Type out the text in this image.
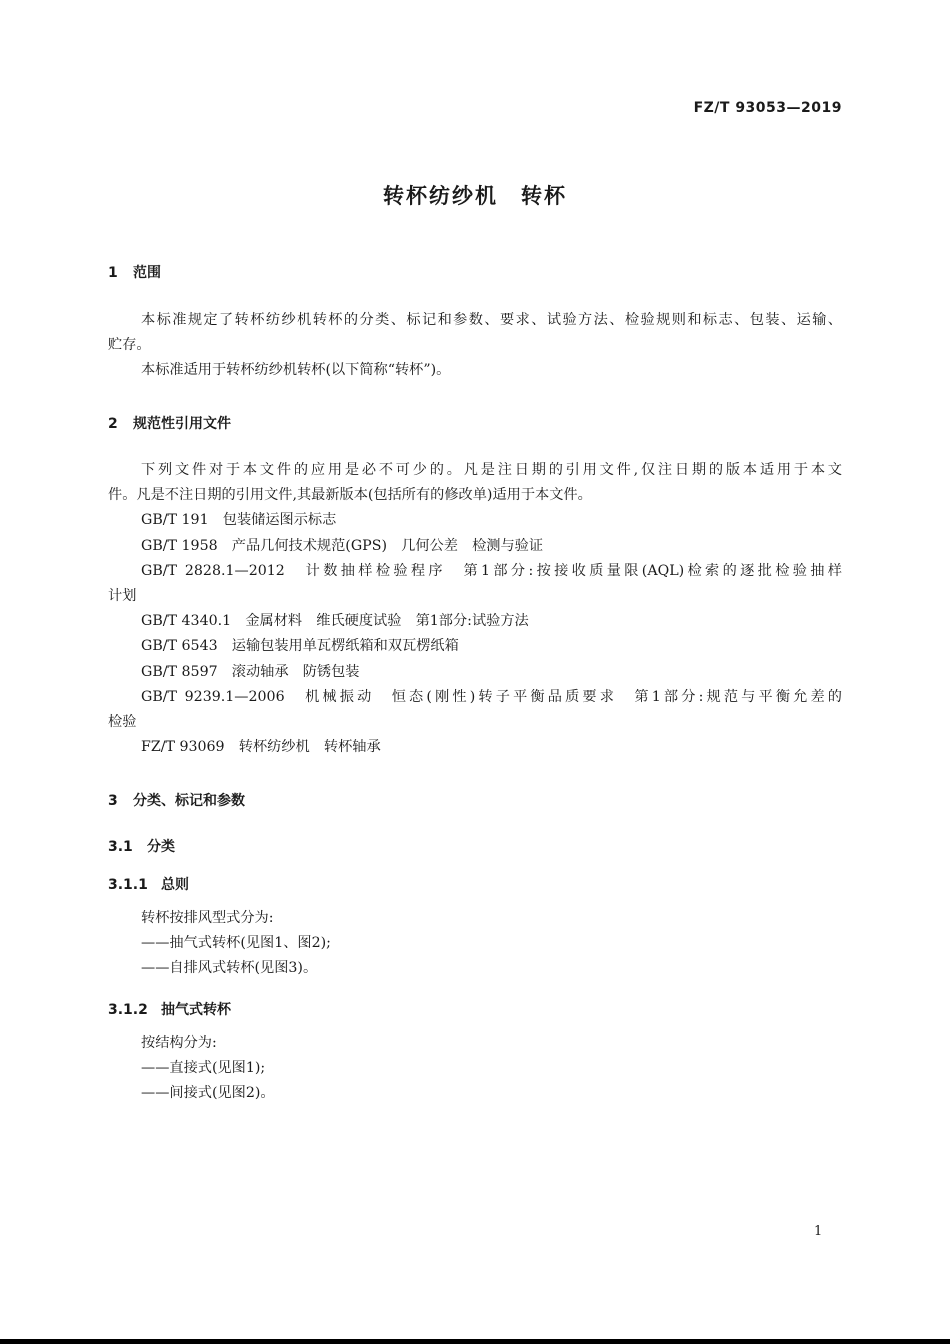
FZ/T 93053—2019
转杯纺纱机　转杯
1 范围
本标准规定了转杯纺纱机转杯的分类、标记和参数、要求、试验方法、检验规则和标志、包装、运输、
贮存。
本标准适用于转杯纺纱机转杯(以下简称“转杯”)。
2 规范性引用文件
下列文件对于本文件的应用是必不可少的。凡是注日期的引用文件,仅注日期的版本适用于本文
件。凡是不注日期的引用文件,其最新版本(包括所有的修改单)适用于本文件。
GB/T 191　包装储运图示标志
GB/T 1958　产品几何技术规范(GPS)　几何公差　检测与验证
GB/T 2828.1—2012　计数抽样检验程序　第1部分:按接收质量限(AQL)检索的逐批检验抽样
计划
GB/T 4340.1　金属材料　维氏硬度试验　第1部分:试验方法
GB/T 6543　运输包装用单瓦楞纸箱和双瓦楞纸箱
GB/T 8597　滚动轴承　防锈包装
GB/T 9239.1—2006　机械振动　恒态(刚性)转子平衡品质要求　第1部分:规范与平衡允差的
检验
FZ/T 93069　转杯纺纱机　转杯轴承
3 分类、标记和参数
3.1 分类
3.1.1 总则
转杯按排风型式分为:
——抽气式转杯(见图1、图2);
——自排风式转杯(见图3)。
3.1.2 抽气式转杯
按结构分为:
——直接式(见图1);
——间接式(见图2)。
1
